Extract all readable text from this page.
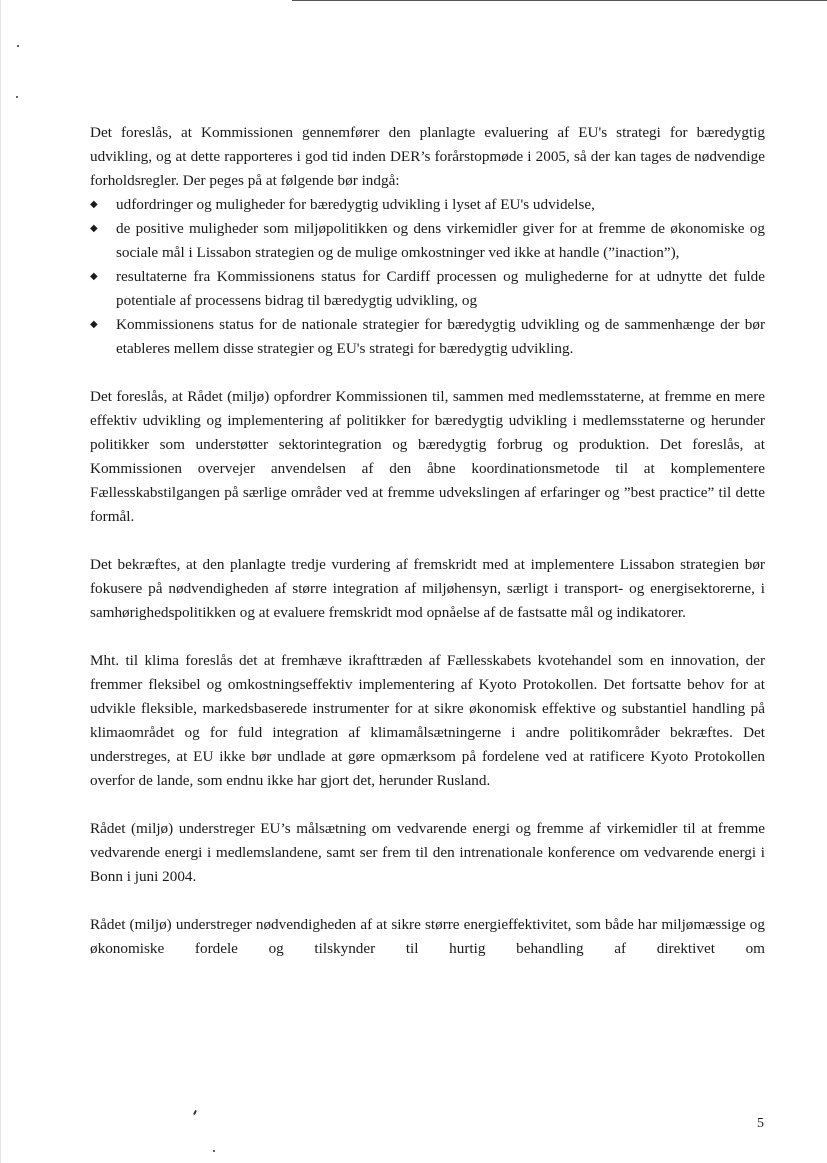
Det foreslås, at Kommissionen gennemfører den planlagte evaluering af EU's strategi for bæredygtig udvikling, og at dette rapporteres i god tid inden DER’s forårstopmøde i 2005, så der kan tages de nødvendige forholdsregler. Der peges på at følgende bør indgå:

◆ udfordringer og muligheder for bæredygtig udvikling i lyset af EU's udvidelse,
◆ de positive muligheder som miljøpolitikken og dens virkemidler giver for at fremme de økonomiske og sociale mål i Lissabon strategien og de mulige omkostninger ved ikke at handle (”inaction”),
◆ resultaterne fra Kommissionens status for Cardiff processen og mulighederne for at udnytte det fulde potentiale af processens bidrag til bæredygtig udvikling, og
◆ Kommissionens status for de nationale strategier for bæredygtig udvikling og de sammenhænge der bør etableres mellem disse strategier og EU's strategi for bæredygtig udvikling.

Det foreslås, at Rådet (miljø) opfordrer Kommissionen til, sammen med medlemsstaterne, at fremme en mere effektiv udvikling og implementering af politikker for bæredygtig udvikling i medlemsstaterne og herunder politikker som understøtter sektorintegration og bæredygtig forbrug og produktion. Det foreslås, at Kommissionen overvejer anvendelsen af den åbne koordinationsmetode til at komplementere Fællesskabstilgangen på særlige områder ved at fremme udvekslingen af erfaringer og ”best practice” til dette formål.

Det bekræftes, at den planlagte tredje vurdering af fremskridt med at implementere Lissabon strategien bør fokusere på nødvendigheden af større integration af miljøhensyn, særligt i transport- og energisektorerne, i samhørighedspolitikken og at evaluere fremskridt mod opnåelse af de fastsatte mål og indikatorer.

Mht. til klima foreslås det at fremhæve ikrafttræden af Fællesskabets kvotehandel som en innovation, der fremmer fleksibel og omkostningseffektiv implementering af Kyoto Protokollen. Det fortsatte behov for at udvikle fleksible, markedsbaserede instrumenter for at sikre økonomisk effektive og substantiel handling på klimaområdet og for fuld integration af klimamålsætningerne i andre politikområder bekræftes. Det understreges, at EU ikke bør undlade at gøre opmærksom på fordelene ved at ratificere Kyoto Protokollen overfor de lande, som endnu ikke har gjort det, herunder Rusland.

Rådet (miljø) understreger EU’s målsætning om vedvarende energi og fremme af virkemidler til at fremme vedvarende energi i medlemslandene, samt ser frem til den intrenationale konference om vedvarende energi i Bonn i juni 2004.

Rådet (miljø) understreger nødvendigheden af at sikre større energieffektivitet, som både har miljømæssige og økonomiske fordele og tilskynder til hurtig behandling af direktivet om

5
